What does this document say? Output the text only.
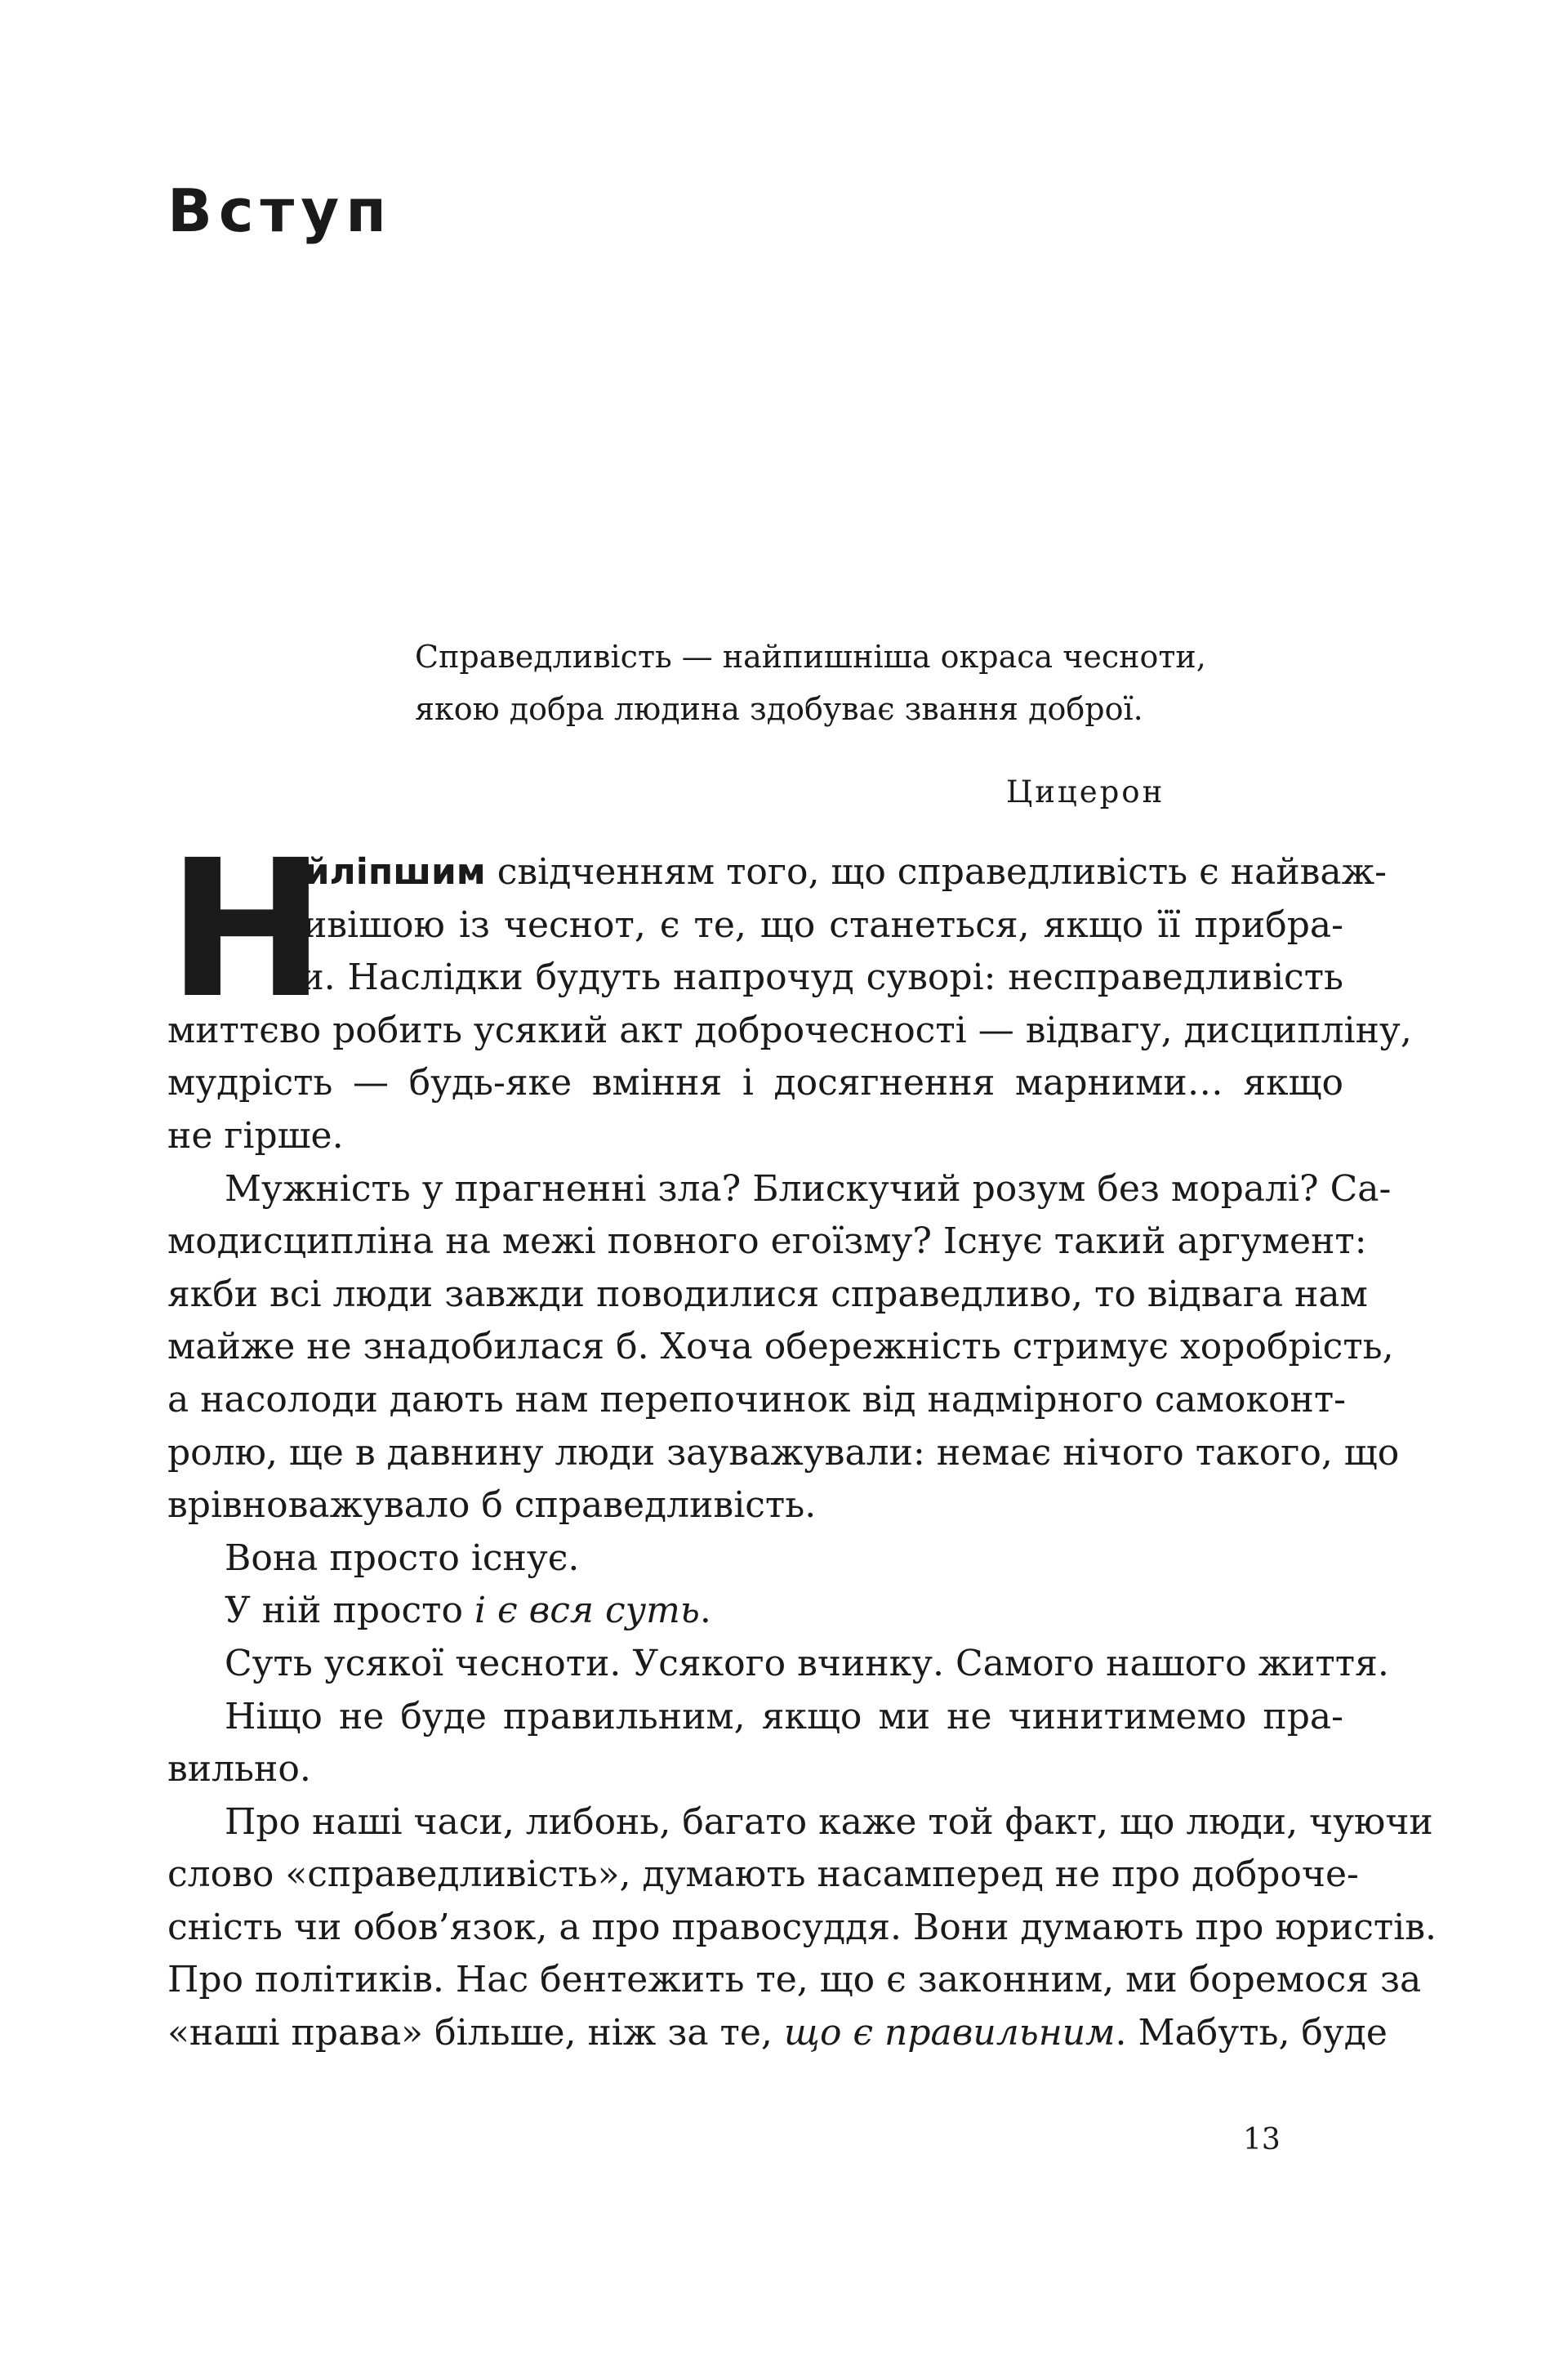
Вступ

Справедливість — найпишніша окраса чесноти,

якою добра людина здобуває звання доброї.

Цицерон
Н
айліпшим свідченням того, що справедливість є найваж-
ливішою із чеснот, є те, що станеться, якщо її прибра-
ти. Наслідки будуть напрочуд суворі: несправедливість
миттєво робить усякий акт доброчесності — відвагу, дисципліну,
мудрість — будь-яке вміння і досягнення марними… якщо
не гірше.
Мужність у прагненні зла? Блискучий розум без моралі? Са-
модисципліна на межі повного егоїзму? Існує такий аргумент:
якби всі люди завжди поводилися справедливо, то відвага нам
майже не знадобилася б. Хоча обережність стримує хоробрість,
а насолоди дають нам перепочинок від надмірного самоконт-
ролю, ще в давнину люди зауважували: немає нічого такого, що
врівноважувало б справедливість.
Вона просто існує.
У ній просто і є вся суть.
Суть усякої чесноти. Усякого вчинку. Самого нашого життя.
Ніщо не буде правильним, якщо ми не чинитимемо пра-
вильно.
Про наші часи, либонь, багато каже той факт, що люди, чуючи
слово «справедливість», думають насамперед не про доброче-
сність чи обов’язок, а про правосуддя. Вони думають про юристів.
Про політиків. Нас бентежить те, що є законним, ми боремося за
«наші права» більше, ніж за те, що є правильним. Мабуть, буде
13
